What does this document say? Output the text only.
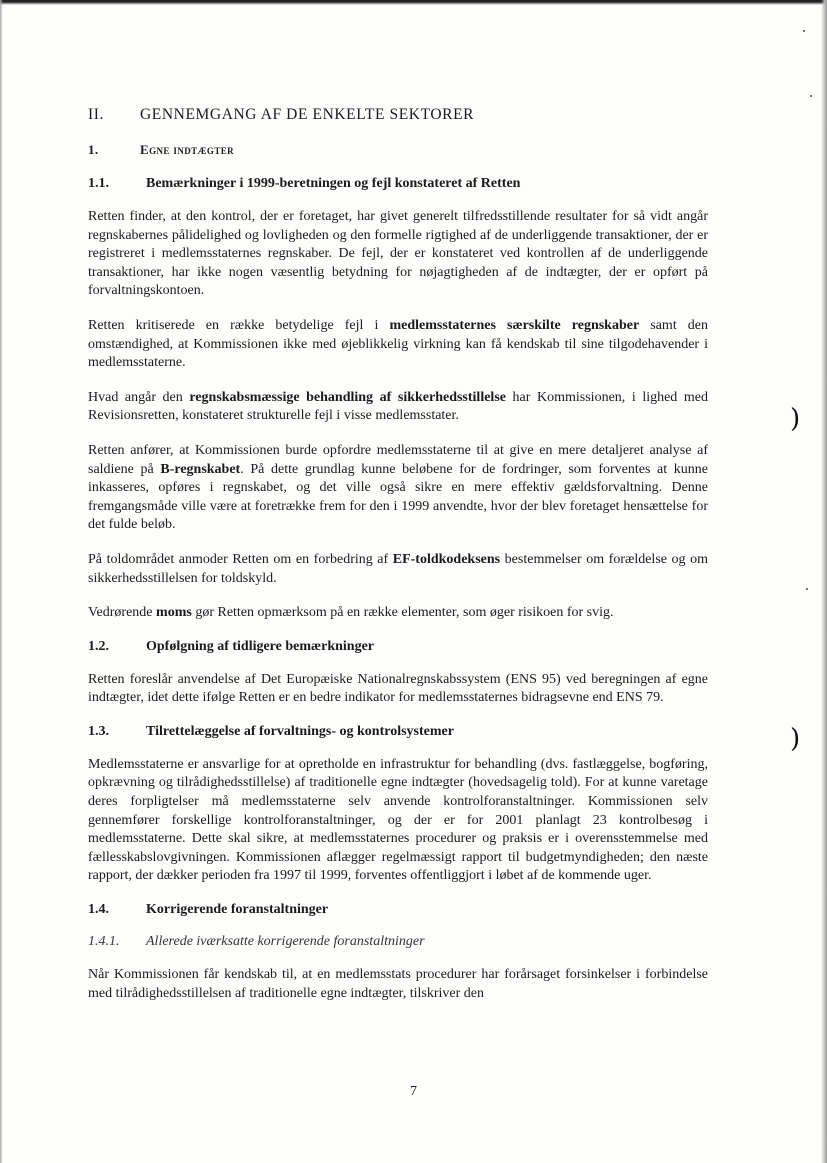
)
)
II.	GENNEMGANG AF DE ENKELTE SEKTORER
1.	Egne indtægter
1.1.	Bemærkninger i 1999-beretningen og fejl konstateret af Retten

Retten finder, at den kontrol, der er foretaget, har givet generelt tilfredsstillende resultater for så vidt angår regnskabernes pålidelighed og lovligheden og den formelle rigtighed af de underliggende transaktioner, der er registreret i medlemsstaternes regnskaber. De fejl, der er konstateret ved kontrollen af de underliggende transaktioner, har ikke nogen væsentlig betydning for nøjagtigheden af de indtægter, der er opført på forvaltningskontoen.

Retten kritiserede en række betydelige fejl i medlemsstaternes særskilte regnskaber samt den omstændighed, at Kommissionen ikke med øjeblikkelig virkning kan få kendskab til sine tilgodehavender i medlemsstaterne.

Hvad angår den regnskabsmæssige behandling af sikkerhedsstillelse har Kommissionen, i lighed med Revisionsretten, konstateret strukturelle fejl i visse medlemsstater.

Retten anfører, at Kommissionen burde opfordre medlemsstaterne til at give en mere detaljeret analyse af saldiene på B-regnskabet. På dette grundlag kunne beløbene for de fordringer, som forventes at kunne inkasseres, opføres i regnskabet, og det ville også sikre en mere effektiv gældsforvaltning. Denne fremgangsmåde ville være at foretrække frem for den i 1999 anvendte, hvor der blev foretaget hensættelse for det fulde beløb.

På toldområdet anmoder Retten om en forbedring af EF-toldkodeksens bestemmelser om forældelse og om sikkerhedsstillelsen for toldskyld.

Vedrørende moms gør Retten opmærksom på en række elementer, som øger risikoen for svig.

1.2.	Opfølgning af tidligere bemærkninger

Retten foreslår anvendelse af Det Europæiske Nationalregnskabssystem (ENS 95) ved beregningen af egne indtægter, idet dette ifølge Retten er en bedre indikator for medlemsstaternes bidragsevne end ENS 79.

1.3.	Tilrettelæggelse af forvaltnings- og kontrolsystemer

Medlemsstaterne er ansvarlige for at opretholde en infrastruktur for behandling (dvs. fastlæggelse, bogføring, opkrævning og tilrådighedsstillelse) af traditionelle egne indtægter (hovedsagelig told). For at kunne varetage deres forpligtelser må medlemsstaterne selv anvende kontrolforanstaltninger. Kommissionen selv gennemfører forskellige kontrolforanstaltninger, og der er for 2001 planlagt 23 kontrolbesøg i medlemsstaterne. Dette skal sikre, at medlemsstaternes procedurer og praksis er i overensstemmelse med fællesskabslovgivningen. Kommissionen aflægger regelmæssigt rapport til budgetmyndigheden; den næste rapport, der dækker perioden fra 1997 til 1999, forventes offentliggjort i løbet af de kommende uger.

1.4.	Korrigerende foranstaltninger
1.4.1.	Allerede iværksatte korrigerende foranstaltninger

Når Kommissionen får kendskab til, at en medlemsstats procedurer har forårsaget forsinkelser i forbindelse med tilrådighedsstillelsen af traditionelle egne indtægter, tilskriver den

7
